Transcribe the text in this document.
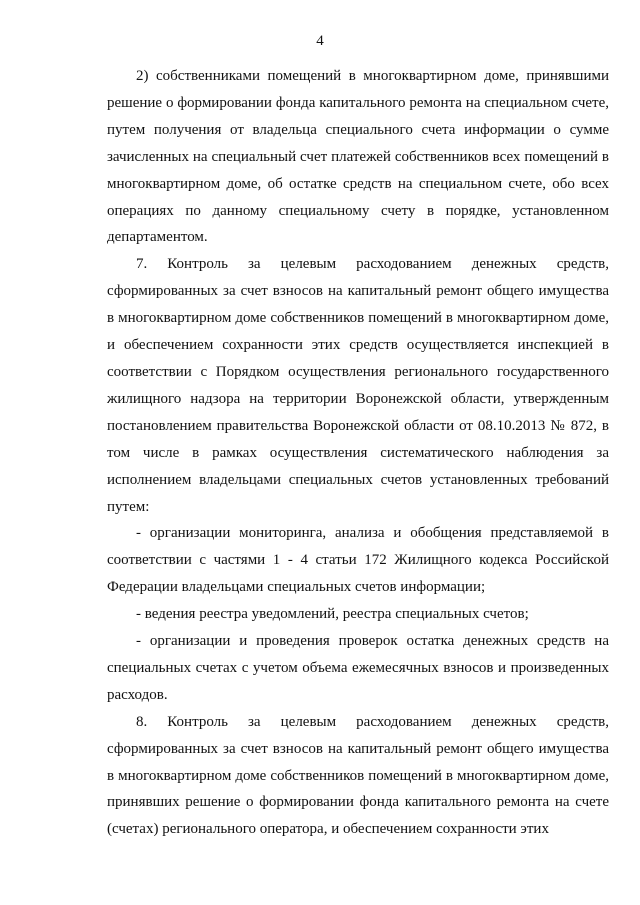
4

2) собственниками помещений в многоквартирном доме, принявшими решение о формировании фонда капитального ремонта на специальном счете, путем получения от владельца специального счета информации о сумме зачисленных на специальный счет платежей собственников всех помещений в многоквартирном доме, об остатке средств на специальном счете, обо всех операциях по данному специальному счету в порядке, установленном департаментом.

7. Контроль за целевым расходованием денежных средств, сформированных за счет взносов на капитальный ремонт общего имущества в многоквартирном доме собственников помещений в многоквартирном доме, и обеспечением сохранности этих средств осуществляется инспекцией в соответствии с Порядком осуществления регионального государственного жилищного надзора на территории Воронежской области, утвержденным постановлением правительства Воронежской области от 08.10.2013 № 872, в том числе в рамках осуществления систематического наблюдения за исполнением владельцами специальных счетов установленных требований путем:

- организации мониторинга, анализа и обобщения представляемой в соответствии с частями 1 - 4 статьи 172 Жилищного кодекса Российской Федерации владельцами специальных счетов информации;

- ведения реестра уведомлений, реестра специальных счетов;

- организации и проведения проверок остатка денежных средств на специальных счетах с учетом объема ежемесячных взносов и произведенных расходов.

8. Контроль за целевым расходованием денежных средств, сформированных за счет взносов на капитальный ремонт общего имущества в многоквартирном доме собственников помещений в многоквартирном доме, принявших решение о формировании фонда капитального ремонта на счете (счетах) регионального оператора, и обеспечением сохранности этих
